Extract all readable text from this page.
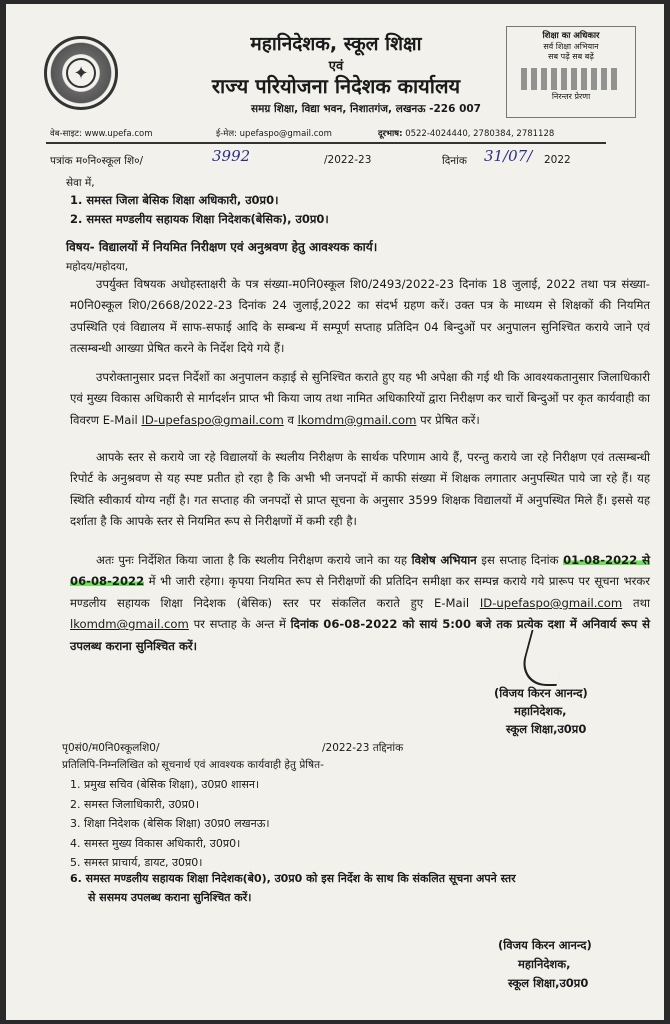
✦
महानिदेशक, स्कूल शिक्षा
एवं
राज्य परियोजना निदेशक कार्यालय
समग्र शिक्षा, विद्या भवन, निशातगंज, लखनऊ -226 007
शिक्षा का अधिकार
सर्व शिक्षा अभियान
सब पढ़ें सब बढ़ें
निरन्तर प्रेरणा
वेब-साइट: www.upefa.com	ई-मेल: upefaspo@gmail.com	दूरभाष: 0522-4024440, 2780384, 2781128
पत्रांक म०नि०स्कूल शि०/	3992	/2022-23	दिनांक 31/07/ 2022
सेवा में,
1. समस्त जिला बेसिक शिक्षा अधिकारी, उ0प्र0।
2. समस्त मण्डलीय सहायक शिक्षा निदेशक(बेसिक), उ0प्र0।
विषय- विद्यालयों में नियमित निरीक्षण एवं अनुश्रवण हेतु आवश्यक कार्य।
महोदय/महोदया,
उपर्युक्त विषयक अधोहस्ताक्षरी के पत्र संख्या-म0नि0स्कूल शि0/2493/2022-23 दिनांक 18 जुलाई, 2022 तथा पत्र संख्या-म0नि0स्कूल शि0/2668/2022-23 दिनांक 24 जुलाई,2022 का संदर्भ ग्रहण करें। उक्त पत्र के माध्यम से शिक्षकों की नियमित उपस्थिति एवं विद्यालय में साफ-सफाई आदि के सम्बन्ध में सम्पूर्ण सप्ताह प्रतिदिन 04 बिन्दुओं पर अनुपालन सुनिश्चित कराये जाने एवं तत्सम्बन्धी आख्या प्रेषित करने के निर्देश दिये गये हैं।
उपरोक्तानुसार प्रदत्त निर्देशों का अनुपालन कड़ाई से सुनिश्चित कराते हुए यह भी अपेक्षा की गई थी कि आवश्यकतानुसार जिलाधिकारी एवं मुख्य विकास अधिकारी से मार्गदर्शन प्राप्त भी किया जाय तथा नामित अधिकारियों द्वारा निरीक्षण कर चारों बिन्दुओं पर कृत कार्यवाही का विवरण E-Mail ID-upefaspo@gmail.com व lkomdm@gmail.com पर प्रेषित करें।
आपके स्तर से कराये जा रहे विद्यालयों के स्थलीय निरीक्षण के सार्थक परिणाम आये हैं, परन्तु कराये जा रहे निरीक्षण एवं तत्सम्बन्धी रिपोर्ट के अनुश्रवण से यह स्पष्ट प्रतीत हो रहा है कि अभी भी जनपदों में काफी संख्या में शिक्षक लगातार अनुपस्थित पाये जा रहे हैं। यह स्थिति स्वीकार्य योग्य नहीं है। गत सप्ताह की जनपदों से प्राप्त सूचना के अनुसार 3599 शिक्षक विद्यालयों में अनुपस्थित मिले हैं। इससे यह दर्शाता है कि आपके स्तर से नियमित रूप से निरीक्षणों में कमी रही है।
अतः पुनः निर्देशित किया जाता है कि स्थलीय निरीक्षण कराये जाने का यह विशेष अभियान इस सप्ताह दिनांक 01-08-2022 से 06-08-2022 में भी जारी रहेगा। कृपया नियमित रूप से निरीक्षणों की प्रतिदिन समीक्षा कर सम्पन्न कराये गये प्रारूप पर सूचना भरकर मण्डलीय सहायक शिक्षा निदेशक (बेसिक) स्तर पर संकलित कराते हुए E-Mail ID-upefaspo@gmail.com तथा lkomdm@gmail.com पर सप्ताह के अन्त में दिनांक 06-08-2022 को सायं 5:00 बजे तक प्रत्येक दशा में अनिवार्य रूप से उपलब्ध कराना सुनिश्चित करें।
(विजय किरन आनन्द)
महानिदेशक,
स्कूल शिक्षा,उ0प्र0
पृ0सं0/म0नि0स्कूलशि0/	/2022-23 तद्दिनांक
प्रतिलिपि-निम्नलिखित को सूचनार्थ एवं आवश्यक कार्यवाही हेतु प्रेषित-
1. प्रमुख सचिव (बेसिक शिक्षा), उ0प्र0 शासन।
2. समस्त जिलाधिकारी, उ0प्र0।
3. शिक्षा निदेशक (बेसिक शिक्षा) उ0प्र0 लखनऊ।
4. समस्त मुख्य विकास अधिकारी, उ0प्र0।
5. समस्त प्राचार्य, डायट, उ0प्र0।
6. समस्त मण्डलीय सहायक शिक्षा निदेशक(बे0), उ0प्र0 को इस निर्देश के साथ कि संकलित सूचना अपने स्तर
से ससमय उपलब्ध कराना सुनिश्चित करें।
(विजय किरन आनन्द)
महानिदेशक,
स्कूल शिक्षा,उ0प्र0
